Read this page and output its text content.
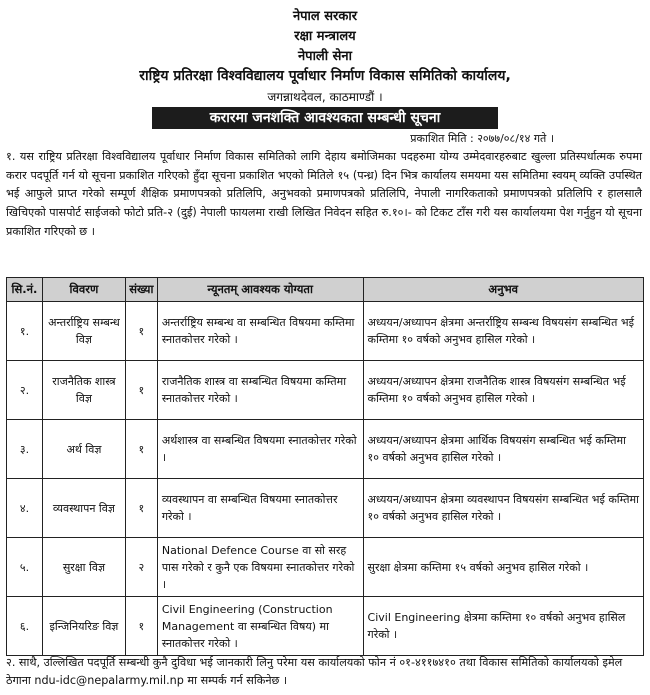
नेपाल सरकार
रक्षा मन्त्रालय
नेपाली सेना
राष्ट्रिय प्रतिरक्षा विश्वविद्यालय पूर्वाधार निर्माण विकास समितिको कार्यालय,
जगन्नाथदेवल, काठमाण्डौं ।
करारमा जनशक्ति आवश्यकता सम्बन्धी सूचना
प्रकाशित मिति : २०७७/०८/१४ गते ।

१. यस राष्ट्रिय प्रतिरक्षा विश्वविद्यालय पूर्वाधार निर्माण विकास समितिको लागि देहाय बमोजिमका पदहरुमा योग्य उम्मेदवारहरुबाट खुल्ला प्रतिस्पर्धात्मक रुपमा करार पदपूर्ति गर्न यो सूचना प्रकाशित गरिएको हुँदा सूचना प्रकाशित भएको मितिले १५ (पन्ध्र) दिन भित्र कार्यालय समयमा यस समितिमा स्वयम् व्यक्ति उपस्थित भई आफुले प्राप्त गरेको सम्पूर्ण शैक्षिक प्रमाणपत्रको प्रतिलिपि, अनुभवको प्रमाणपत्रको प्रतिलिपि, नेपाली नागरिकताको प्रमाणपत्रको प्रतिलिपि र हालसालै खिचिएको पासपोर्ट साईजको फोटो प्रति-२ (दुई) नेपाली फायलमा राखी लिखित निवेदन सहित रु.१०।- को टिकट टाँस गरी यस कार्यालयमा पेश गर्नुहुन यो सूचना प्रकाशित गरिएको छ ।

सि.नं.	विवरण	संख्या	न्यूनतम् आवश्यक योग्यता	अनुभव
१.	अन्तर्राष्ट्रिय सम्बन्ध विज्ञ	१	अन्तर्राष्ट्रिय सम्बन्ध वा सम्बन्धित विषयमा कम्तिमा स्नातकोत्तर गरेको ।	अध्ययन/अध्यापन क्षेत्रमा अन्तर्राष्ट्रिय सम्बन्ध विषयसंग सम्बन्धित भई कम्तिमा १० वर्षको अनुभव हासिल गरेको ।
२.	राजनैतिक शास्त्र विज्ञ	१	राजनैतिक शास्त्र वा सम्बन्धित विषयमा कम्तिमा स्नातकोत्तर गरेको ।	अध्ययन/अध्यापन क्षेत्रमा राजनैतिक शास्त्र विषयसंग सम्बन्धित भई कम्तिमा १० वर्षको अनुभव हासिल गरेको ।
३.	अर्थ विज्ञ	१	अर्थशास्त्र वा सम्बन्धित विषयमा स्नातकोत्तर गरेको ।	अध्ययन/अध्यापन क्षेत्रमा आर्थिक विषयसंग सम्बन्धित भई कम्तिमा १० वर्षको अनुभव हासिल गरेको ।
४.	व्यवस्थापन विज्ञ	१	व्यवस्थापन वा सम्बन्धित विषयमा स्नातकोत्तर गरेको ।	अध्ययन/अध्यापन क्षेत्रमा व्यवस्थापन विषयसंग सम्बन्धित भई कम्तिमा १० वर्षको अनुभव हासिल गरेको ।
५.	सुरक्षा विज्ञ	२	National Defence Course वा सो सरह पास गरेको र कुनै एक विषयमा स्नातकोत्तर गरेको ।	सुरक्षा क्षेत्रमा कम्तिमा १५ वर्षको अनुभव हासिल गरेको ।
६.	इन्जिनियरिङ विज्ञ	१	Civil Engineering (Construction Management वा सम्बन्धित विषय) मा स्नातकोत्तर गरेको ।	Civil Engineering क्षेत्रमा कम्तिमा १० वर्षको अनुभव हासिल गरेको ।
२. साथै, उल्लिखित पदपूर्ति सम्बन्धी कुनै दुविधा भई जानकारी लिनु परेमा यस कार्यालयको फोन नं ०१-४११७४१० तथा विकास समितिको कार्यालयको इमेल ठेगाना ndu-idc@nepalarmy.mil.np मा सम्पर्क गर्न सकिनेछ ।
